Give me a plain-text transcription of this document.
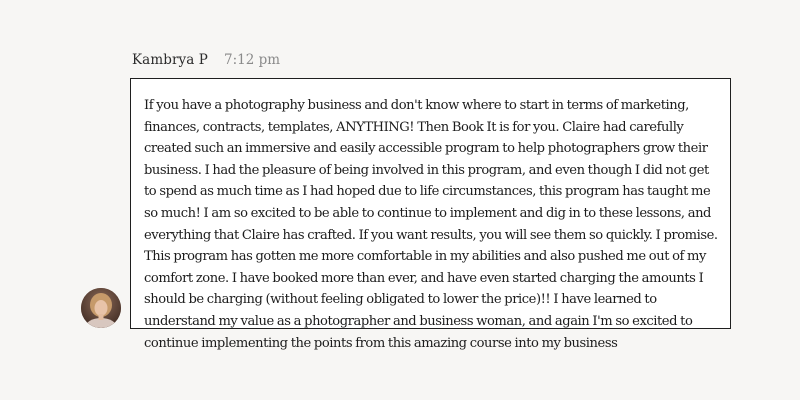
Kambrya P 7:12 pm

If you have a photography business and don't know where to start in terms of marketing, finances, contracts, templates, ANYTHING! Then Book It is for you. Claire had carefully created such an immersive and easily accessible program to help photographers grow their business. I had the pleasure of being involved in this program, and even though I did not get to spend as much time as I had hoped due to life circumstances, this program has taught me so much! I am so excited to be able to continue to implement and dig in to these lessons, and everything that Claire has crafted. If you want results, you will see them so quickly. I promise. This program has gotten me more comfortable in my abilities and also pushed me out of my comfort zone. I have booked more than ever, and have even started charging the amounts I should be charging (without feeling obligated to lower the price)!! I have learned to understand my value as a photographer and business woman, and again I'm so excited to continue implementing the points from this amazing course into my business
